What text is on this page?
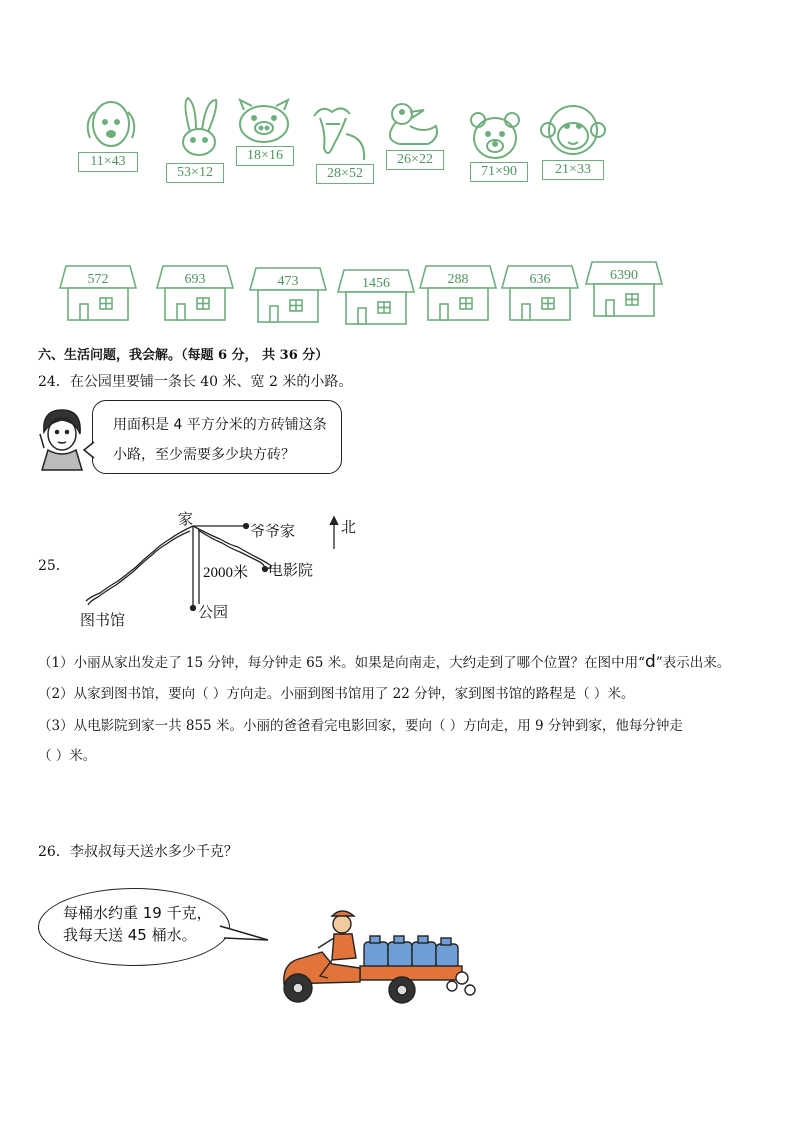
11×43
53×12
18×16
28×52
26×22
71×90	21×33
572	693	473	1456	288	636	6390
六、生活问题，我会解。（每题 6 分， 共 36 分）
24．在公园里要铺一条长 40 米、宽 2 米的小路。
用面积是 4 平方分米的方砖铺这条
小路，至少需要多少块方砖？
25．
家
爷爷家	北
2000米 电影院
公园
图书馆
（1）小丽从家出发走了 15 分钟，每分钟走 65 米。如果是向南走，大约走到了哪个位置？在图中用“d”表示出来。
（2）从家到图书馆，要向（ ）方向走。小丽到图书馆用了 22 分钟，家到图书馆的路程是（ ）米。
（3）从电影院到家一共 855 米。小丽的爸爸看完电影回家，要向（ ）方向走，用 9 分钟到家，他每分钟走
（ ）米。
26．李叔叔每天送水多少千克？
每桶水约重 19 千克，
我每天送 45 桶水。
